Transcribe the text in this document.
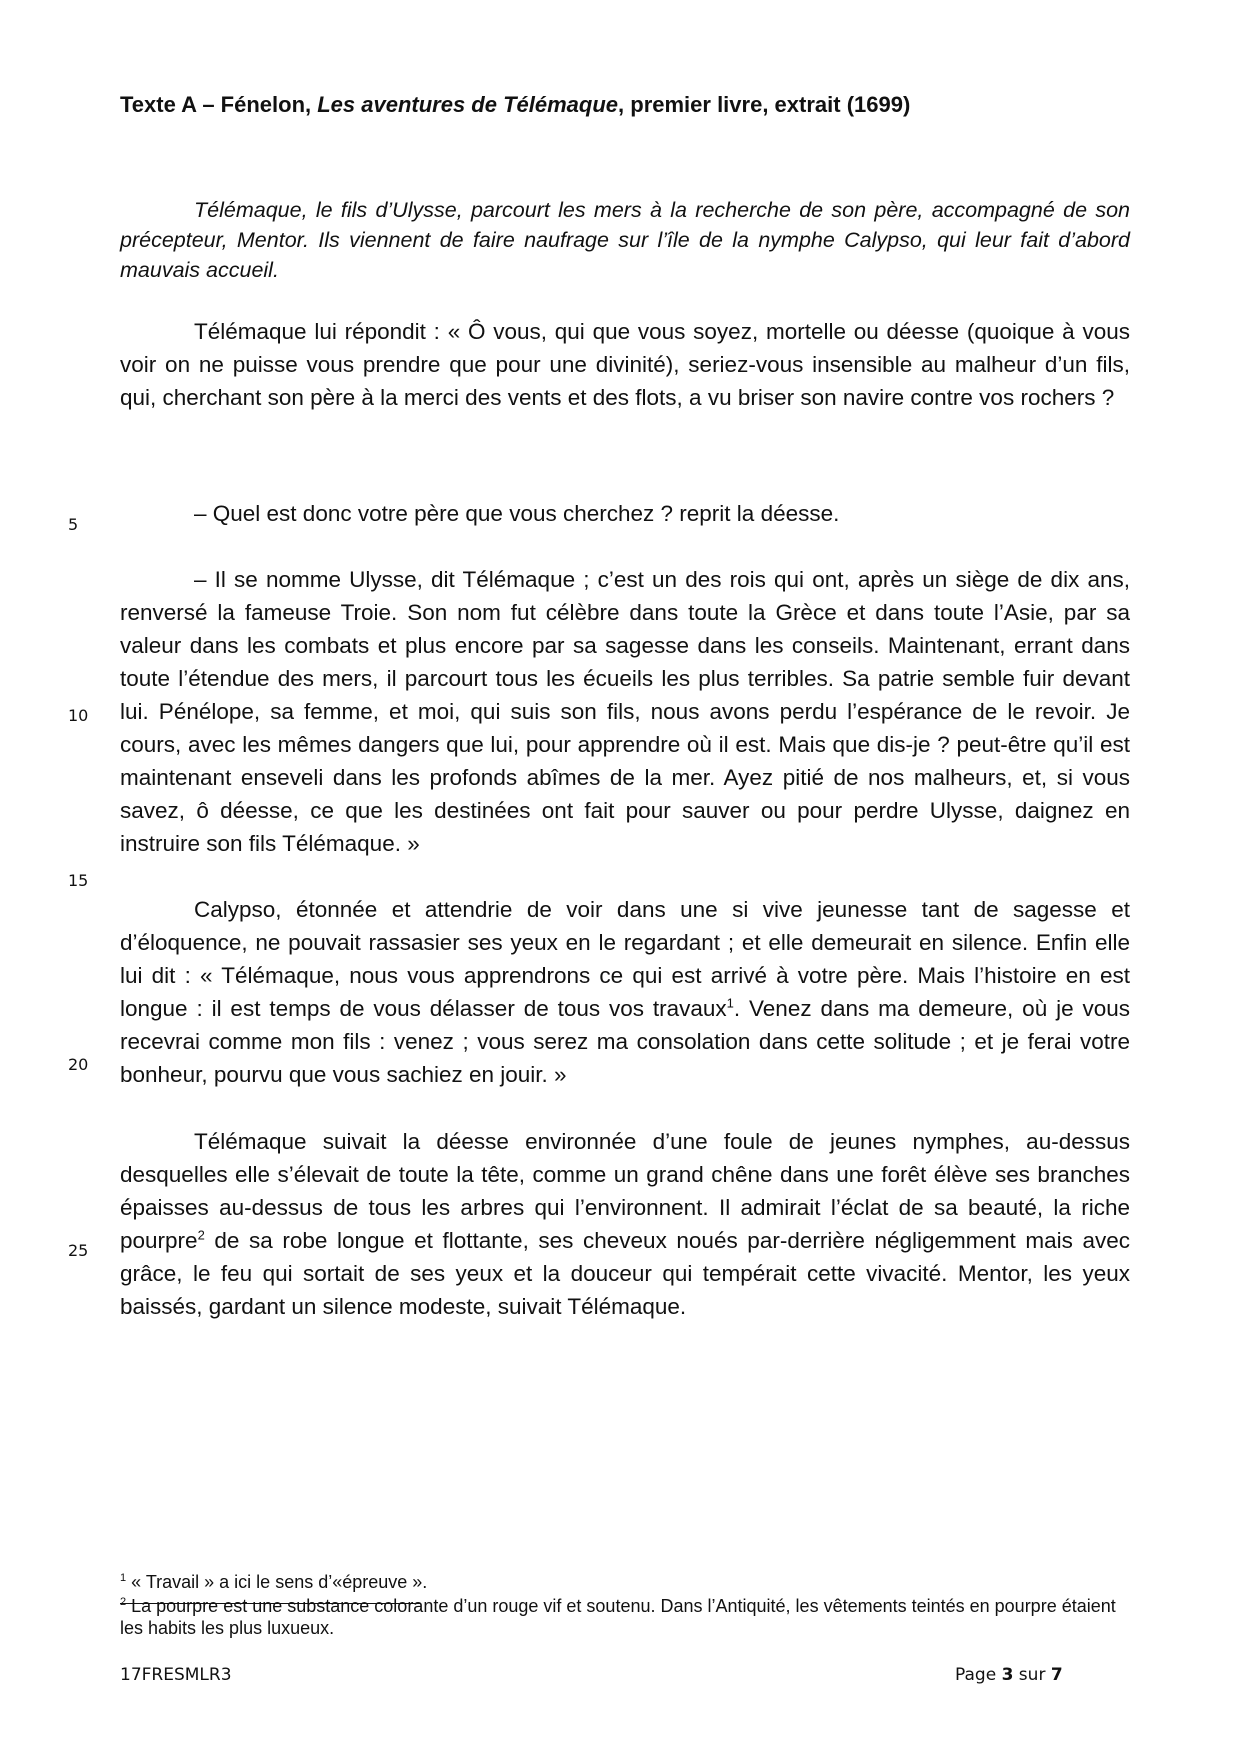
Texte A – Fénelon, Les aventures de Télémaque, premier livre, extrait (1699)

Télémaque, le fils d’Ulysse, parcourt les mers à la recherche de son père, accompagné de son précepteur, Mentor. Ils viennent de faire naufrage sur l’île de la nymphe Calypso, qui leur fait d’abord mauvais accueil.

Télémaque lui répondit : « Ô vous, qui que vous soyez, mortelle ou déesse (quoique à vous voir on ne puisse vous prendre que pour une divinité), seriez-vous insensible au malheur d’un fils, qui, cherchant son père à la merci des vents et des flots, a vu briser son navire contre vos rochers ?

– Quel est donc votre père que vous cherchez ? reprit la déesse.

– Il se nomme Ulysse, dit Télémaque ; c’est un des rois qui ont, après un siège de dix ans, renversé la fameuse Troie. Son nom fut célèbre dans toute la Grèce et dans toute l’Asie, par sa valeur dans les combats et plus encore par sa sagesse dans les conseils. Maintenant, errant dans toute l’étendue des mers, il parcourt tous les écueils les plus terribles. Sa patrie semble fuir devant lui. Pénélope, sa femme, et moi, qui suis son fils, nous avons perdu l’espérance de le revoir. Je cours, avec les mêmes dangers que lui, pour apprendre où il est. Mais que dis-je ? peut-être qu’il est maintenant enseveli dans les profonds abîmes de la mer. Ayez pitié de nos malheurs, et, si vous savez, ô déesse, ce que les destinées ont fait pour sauver ou pour perdre Ulysse, daignez en instruire son fils Télémaque. »

Calypso, étonnée et attendrie de voir dans une si vive jeunesse tant de sagesse et d’éloquence, ne pouvait rassasier ses yeux en le regardant ; et elle demeurait en silence. Enfin elle lui dit : « Télémaque, nous vous apprendrons ce qui est arrivé à votre père. Mais l’histoire en est longue : il est temps de vous délasser de tous vos travaux$^1$. Venez dans ma demeure, où je vous recevrai comme mon fils : venez ; vous serez ma consolation dans cette solitude ; et je ferai votre bonheur, pourvu que vous sachiez en jouir. »

Télémaque suivait la déesse environnée d’une foule de jeunes nymphes, au-dessus desquelles elle s’élevait de toute la tête, comme un grand chêne dans une forêt élève ses branches épaisses au-dessus de tous les arbres qui l’environnent. Il admirait l’éclat de sa beauté, la riche pourpre$^2$ de sa robe longue et flottante, ses cheveux noués par-derrière négligemment mais avec grâce, le feu qui sortait de ses yeux et la douceur qui tempérait cette vivacité. Mentor, les yeux baissés, gardant un silence modeste, suivait Télémaque.

5
10
15
20
25

$^1$ « Travail » a ici le sens d’«épreuve ».

$^2$ La pourpre est une substance colorante d’un rouge vif et soutenu. Dans l’Antiquité, les vêtements teintés en pourpre étaient les habits les plus luxueux.

17FRESMLR3	Page 3 sur 7
